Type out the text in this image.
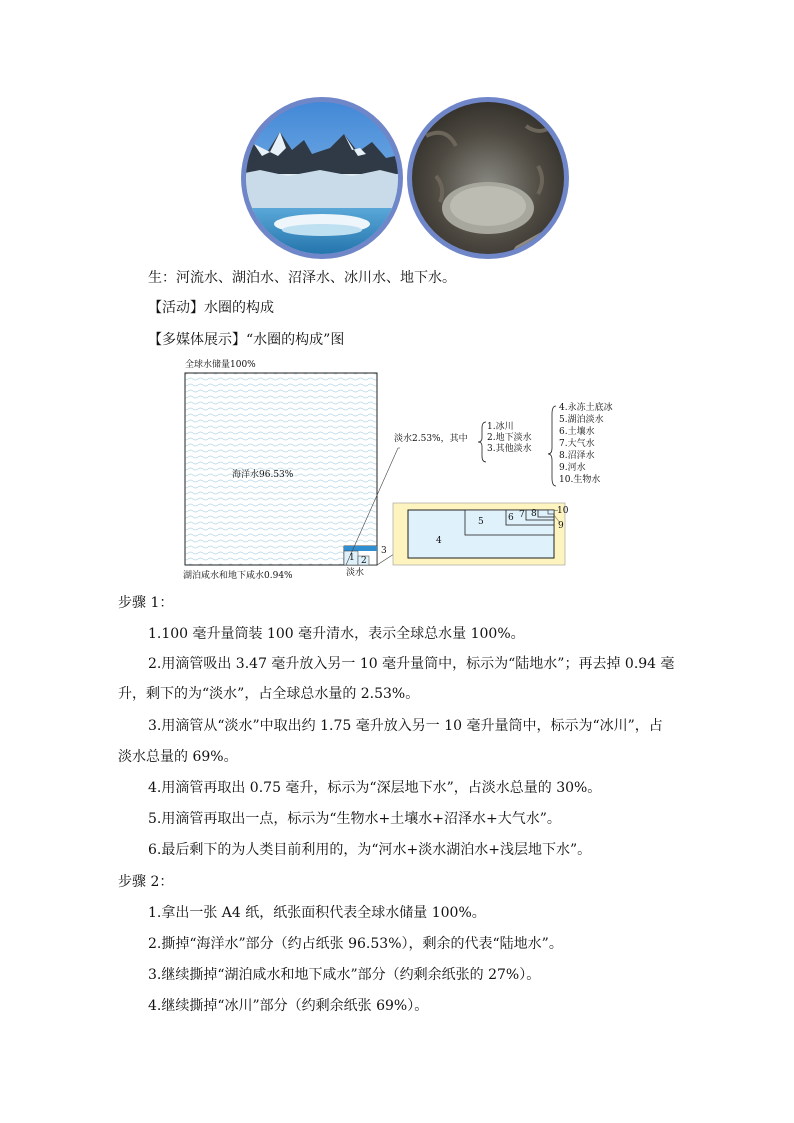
生：河流水、湖泊水、沼泽水、冰川水、地下水。
【活动】水圈的构成
【多媒体展示】“水圈的构成”图
全球水储量100%
海洋水96.53%
湖泊咸水和地下咸水0.94%	淡水
淡水2.53%，其中
1 2
3
1.冰川
2.地下淡水
3.其他淡水
4.永冻土底冰
5.湖泊淡水
6.土壤水
7.大气水
8.沼泽水
9.河水
10.生物水
4
5	6 7 8
9
10
步骤 1：
1.100 毫升量筒装 100 毫升清水，表示全球总水量 100%。
2.用滴管吸出 3.47 毫升放入另一 10 毫升量筒中，标示为“陆地水”；再去掉 0.94 毫
升，剩下的为“淡水”，占全球总水量的 2.53%。
3.用滴管从“淡水”中取出约 1.75 毫升放入另一 10 毫升量筒中，标示为“冰川”，占
淡水总量的 69%。
4.用滴管再取出 0.75 毫升，标示为“深层地下水”，占淡水总量的 30%。
5.用滴管再取出一点，标示为“生物水+土壤水+沼泽水+大气水”。
6.最后剩下的为人类目前利用的，为“河水+淡水湖泊水+浅层地下水”。
步骤 2：
1.拿出一张 A4 纸，纸张面积代表全球水储量 100%。
2.撕掉“海洋水”部分（约占纸张 96.53%），剩余的代表“陆地水”。
3.继续撕掉“湖泊咸水和地下咸水”部分（约剩余纸张的 27%）。
4.继续撕掉“冰川”部分（约剩余纸张 69%）。
